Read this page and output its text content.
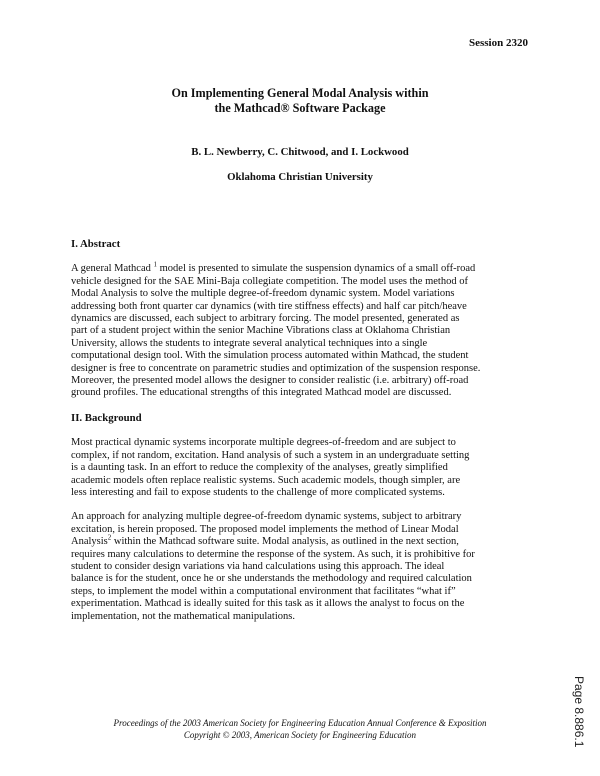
Session 2320
On Implementing General Modal Analysis within
the Mathcad® Software Package
B. L. Newberry, C. Chitwood, and I. Lockwood
Oklahoma Christian University

I. Abstract

A general Mathcad $^1$ model is presented to simulate the suspension dynamics of a small off-road
vehicle designed for the SAE Mini-Baja collegiate competition. The model uses the method of
Modal Analysis to solve the multiple degree-of-freedom dynamic system. Model variations
addressing both front quarter car dynamics (with tire stiffness effects) and half car pitch/heave
dynamics are discussed, each subject to arbitrary forcing. The model presented, generated as
part of a student project within the senior Machine Vibrations class at Oklahoma Christian
University, allows the students to integrate several analytical techniques into a single
computational design tool. With the simulation process automated within Mathcad, the student
designer is free to concentrate on parametric studies and optimization of the suspension response.
Moreover, the presented model allows the designer to consider realistic (i.e. arbitrary) off-road
ground profiles. The educational strengths of this integrated Mathcad model are discussed.

II. Background

Most practical dynamic systems incorporate multiple degrees-of-freedom and are subject to
complex, if not random, excitation. Hand analysis of such a system in an undergraduate setting
is a daunting task. In an effort to reduce the complexity of the analyses, greatly simplified
academic models often replace realistic systems. Such academic models, though simpler, are
less interesting and fail to expose students to the challenge of more complicated systems.
An approach for analyzing multiple degree-of-freedom dynamic systems, subject to arbitrary
excitation, is herein proposed. The proposed model implements the method of Linear Modal
Analysis$^2$ within the Mathcad software suite. Modal analysis, as outlined in the next section,
requires many calculations to determine the response of the system. As such, it is prohibitive for
student to consider design variations via hand calculations using this approach. The ideal
balance is for the student, once he or she understands the methodology and required calculation
steps, to implement the model within a computational environment that facilitates “what if”
experimentation. Mathcad is ideally suited for this task as it allows the analyst to focus on the
implementation, not the mathematical manipulations.
Proceedings of the 2003 American Society for Engineering Education Annual Conference & Exposition
Copyright © 2003, American Society for Engineering Education	Page 8.886.1
